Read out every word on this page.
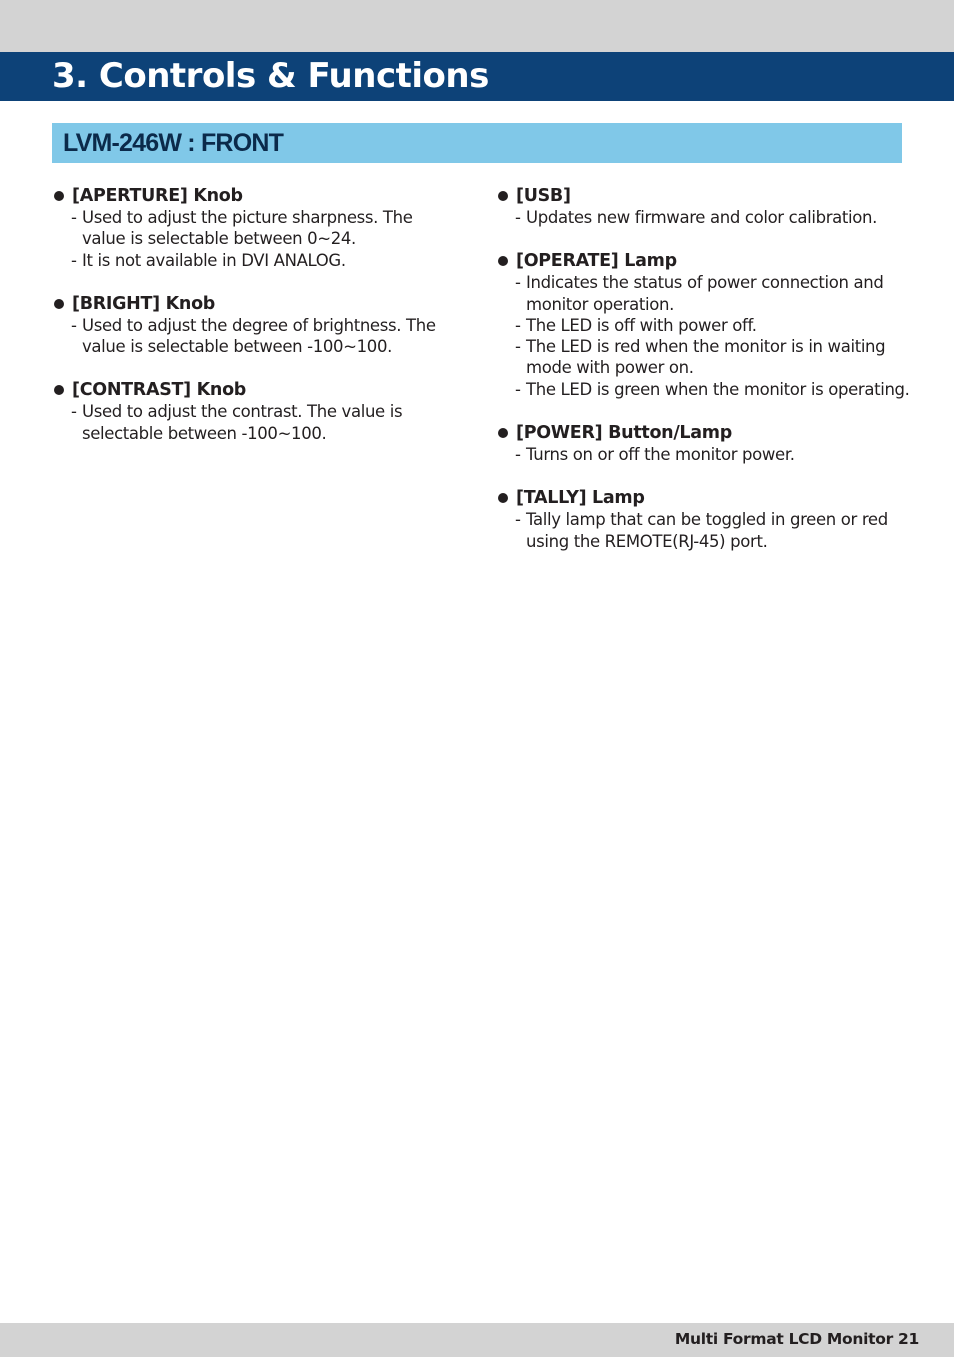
3. Controls & Functions
LVM-246W : FRONT
[APERTURE] Knob
- Used to adjust the picture sharpness. The value is selectable between 0~24.
- It is not available in DVI ANALOG.
[BRIGHT] Knob
- Used to adjust the degree of brightness. The value is selectable between -100~100.
[CONTRAST] Knob
- Used to adjust the contrast. The value is selectable between -100~100.
[USB]
- Updates new firmware and color calibration.
[OPERATE] Lamp
- Indicates the status of power connection and monitor operation.
- The LED is off with power off.
- The LED is red when the monitor is in waiting mode with power on.
- The LED is green when the monitor is operating.
[POWER] Button/Lamp
- Turns on or off the monitor power.
[TALLY] Lamp
- Tally lamp that can be toggled in green or red using the REMOTE(RJ-45) port.
Multi Format LCD Monitor 21
